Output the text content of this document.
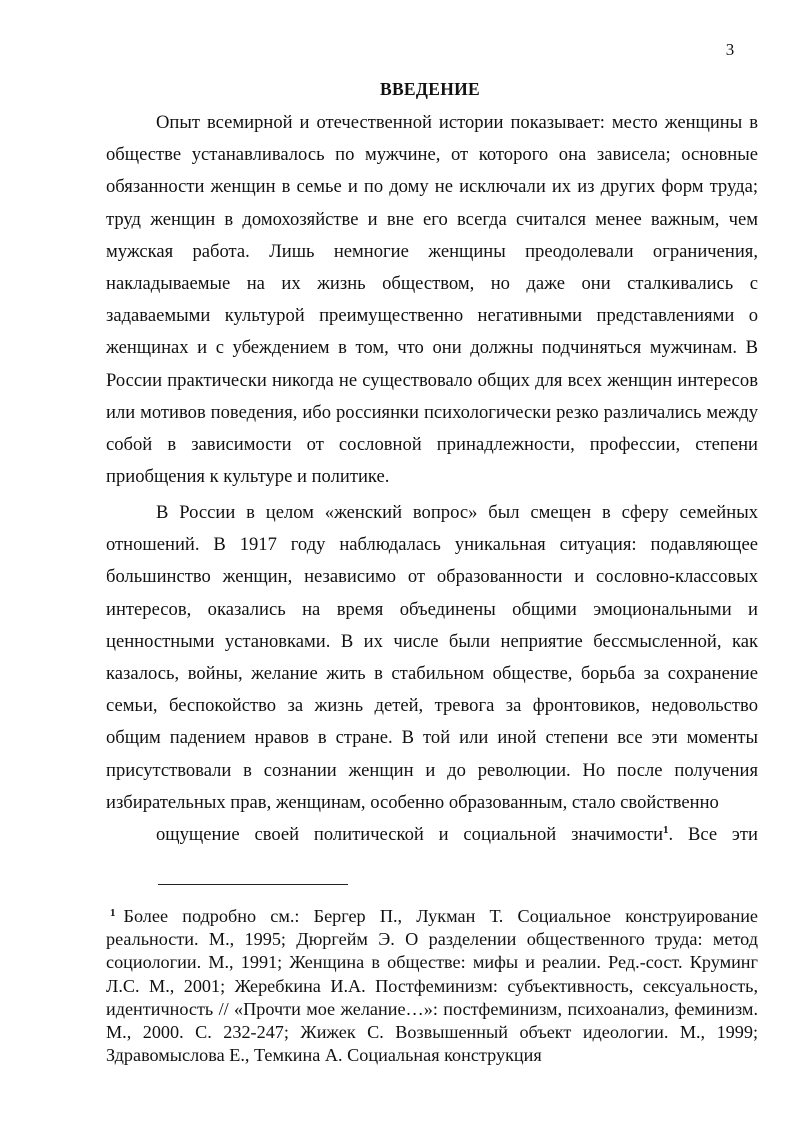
3
ВВЕДЕНИЕ

Опыт всемирной и отечественной истории показывает: место женщины в обществе устанавливалось по мужчине, от которого она зависела; основные обязанности женщин в семье и по дому не исключали их из других форм труда; труд женщин в домохозяйстве и вне его всегда считался менее важным, чем мужская работа. Лишь немногие женщины преодолевали ограничения, накладываемые на их жизнь обществом, но даже они сталкивались с задаваемыми культурой преимущественно негативными представлениями о женщинах и с убеждением в том, что они должны подчиняться мужчинам. В России практически никогда не существовало общих для всех женщин интересов или мотивов поведения, ибо россиянки психологически резко различались между собой в зависимости от сословной принадлежности, профессии, степени приобщения к культуре и политике.

В России в целом «женский вопрос» был смещен в сферу семейных отношений. В 1917 году наблюдалась уникальная ситуация: подавляющее большинство женщин, независимо от образованности и сословно-классовых интересов, оказались на время объединены общими эмоциональными и ценностными установками. В их числе были неприятие бессмысленной, как казалось, войны, желание жить в стабильном обществе, борьба за сохранение семьи, беспокойство за жизнь детей, тревога за фронтовиков, недовольство общим падением нравов в стране. В той или иной степени все эти моменты присутствовали в сознании женщин и до революции. Но после получения избирательных прав, женщинам, особенно образованным, стало свойственно
ощущение своей политической и социальной значимости$^1$. Все эти

$^1$ Более подробно см.: Бергер П., Лукман Т. Социальное конструирование реальности. М., 1995; Дюргейм Э. О разделении общественного труда: метод социологии. М., 1991; Женщина в обществе: мифы и реалии. Ред.-сост. Круминг Л.С. М., 2001; Жеребкина И.А. Постфеминизм: субъективность, сексуальность, идентичность // «Прочти мое желание…»: постфеминизм, психоанализ, феминизм. М., 2000. С. 232-247; Жижек С. Возвышенный объект идеологии. М., 1999; Здравомыслова Е., Темкина А. Социальная конструкция
